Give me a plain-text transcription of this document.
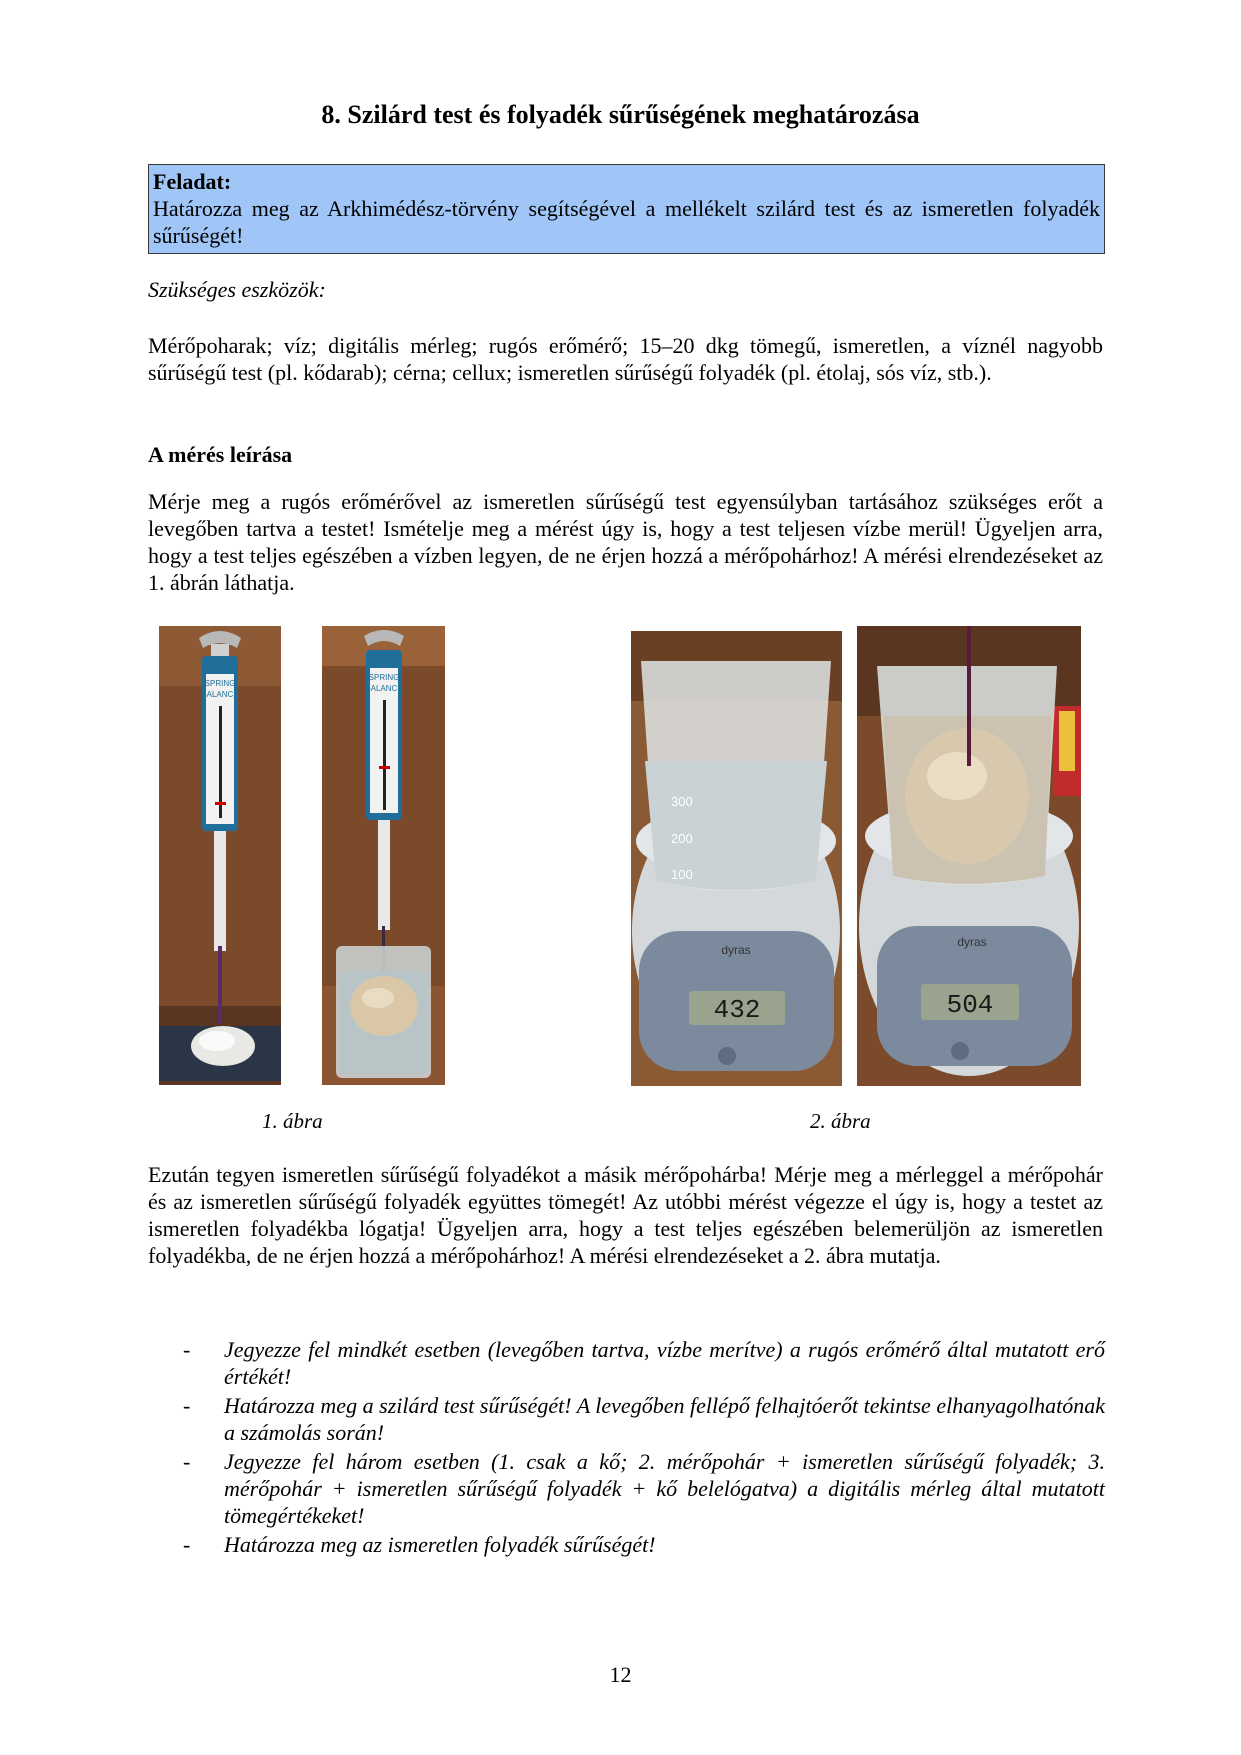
8. Szilárd test és folyadék sűrűségének meghatározása
Feladat:
Határozza meg az Arkhimédész-törvény segítségével a mellékelt szilárd test és az ismeretlen folyadék sűrűségét!
Szükséges eszközök:
Mérőpoharak; víz; digitális mérleg; rugós erőmérő; 15–20 dkg tömegű, ismeretlen, a víznél nagyobb sűrűségű test (pl. kődarab); cérna; cellux; ismeretlen sűrűségű folyadék (pl. étolaj, sós víz, stb.).
A mérés leírása
Mérje meg a rugós erőmérővel az ismeretlen sűrűségű test egyensúlyban tartásához szükséges erőt a levegőben tartva a testet! Ismételje meg a mérést úgy is, hogy a test teljesen vízbe merül! Ügyeljen arra, hogy a test teljes egészében a vízben legyen, de ne érjen hozzá a mérőpohárhoz! A mérési elrendezéseket az 1. ábrán láthatja.
SPRING
BALANCE
SPRING
BALANCE
300
200
100
dyras
432
dyras
504
1. ábra	2. ábra
Ezután tegyen ismeretlen sűrűségű folyadékot a másik mérőpohárba! Mérje meg a mérleggel a mérőpohár és az ismeretlen sűrűségű folyadék együttes tömegét! Az utóbbi mérést végezze el úgy is, hogy a testet az ismeretlen folyadékba lógatja! Ügyeljen arra, hogy a test teljes egészében belemerüljön az ismeretlen folyadékba, de ne érjen hozzá a mérőpohárhoz! A mérési elrendezéseket a 2. ábra mutatja.
- Jegyezze fel mindkét esetben (levegőben tartva, vízbe merítve) a rugós erőmérő által mutatott erő értékét!
- Határozza meg a szilárd test sűrűségét! A levegőben fellépő felhajtóerőt tekintse elhanyagolhatónak a számolás során!
- Jegyezze fel három esetben (1. csak a kő; 2. mérőpohár + ismeretlen sűrűségű folyadék; 3. mérőpohár + ismeretlen sűrűségű folyadék + kő belelógatva) a digitális mérleg által mutatott tömegértékeket!
- Határozza meg az ismeretlen folyadék sűrűségét!
12
